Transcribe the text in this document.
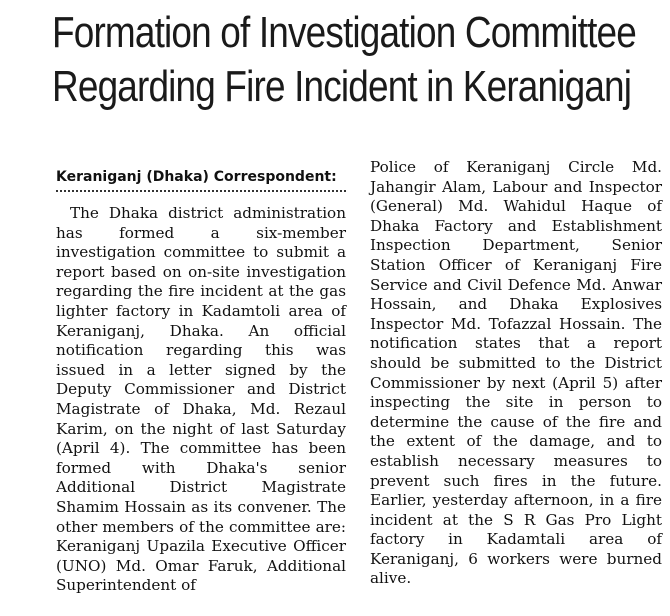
Formation of Investigation Committee
Regarding Fire Incident in Keraniganj
Keraniganj (Dhaka) Correspondent:

The Dhaka district administration has formed a six-member investigation committee to submit a report based on on-site investigation regarding the fire incident at the gas lighter factory in Kadamtoli area of Keraniganj, Dhaka. An official notification regarding this was issued in a letter signed by the Deputy Commissioner and District Magistrate of Dhaka, Md. Rezaul Karim, on the night of last Saturday (April 4). The committee has been formed with Dhaka's senior Additional District Magistrate Shamim Hossain as its convener. The other members of the committee are: Keraniganj Upazila Executive Officer (UNO) Md. Omar Faruk, Additional Superintendent of

Police of Keraniganj Circle Md. Jahangir Alam, Labour and Inspector (General) Md. Wahidul Haque of Dhaka Factory and Establishment Inspection Department, Senior Station Officer of Keraniganj Fire Service and Civil Defence Md. Anwar Hossain, and Dhaka Explosives Inspector Md. Tofazzal Hossain. The notification states that a report should be submitted to the District Commissioner by next (April 5) after inspecting the site in person to determine the cause of the fire and the extent of the damage, and to establish necessary measures to prevent such fires in the future. Earlier, yesterday afternoon, in a fire incident at the S R Gas Pro Light factory in Kadamtali area of Keraniganj, 6 workers were burned alive.
